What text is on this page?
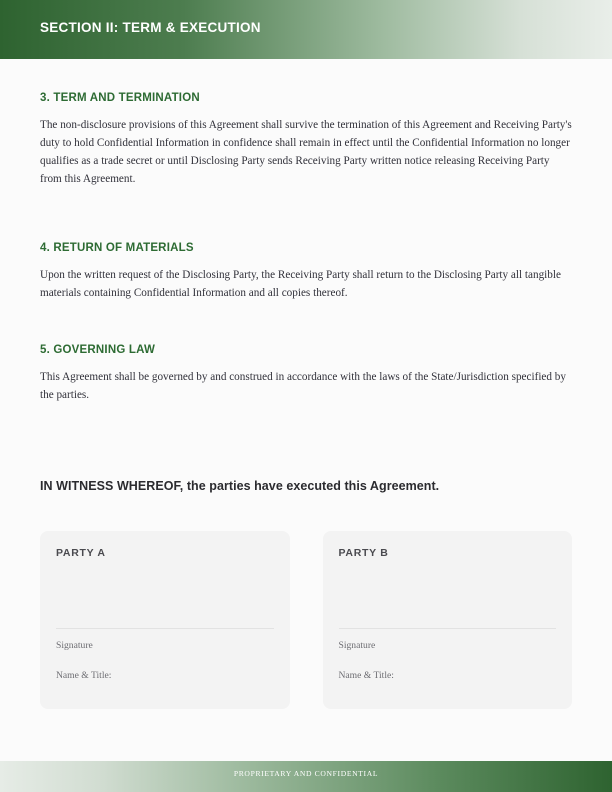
SECTION II: TERM & EXECUTION
3. TERM AND TERMINATION

The non-disclosure provisions of this Agreement shall survive the termination of this Agreement and Receiving Party's duty to hold Confidential Information in confidence shall remain in effect until the Confidential Information no longer qualifies as a trade secret or until Disclosing Party sends Receiving Party written notice releasing Receiving Party from this Agreement.

4. RETURN OF MATERIALS

Upon the written request of the Disclosing Party, the Receiving Party shall return to the Disclosing Party all tangible materials containing Confidential Information and all copies thereof.

5. GOVERNING LAW

This Agreement shall be governed by and construed in accordance with the laws of the State/Jurisdiction specified by the parties.

IN WITNESS WHEREOF, the parties have executed this Agreement.
PARTY A
Signature
Name & Title:
PARTY B
Signature
Name & Title:
PROPRIETARY AND CONFIDENTIAL
